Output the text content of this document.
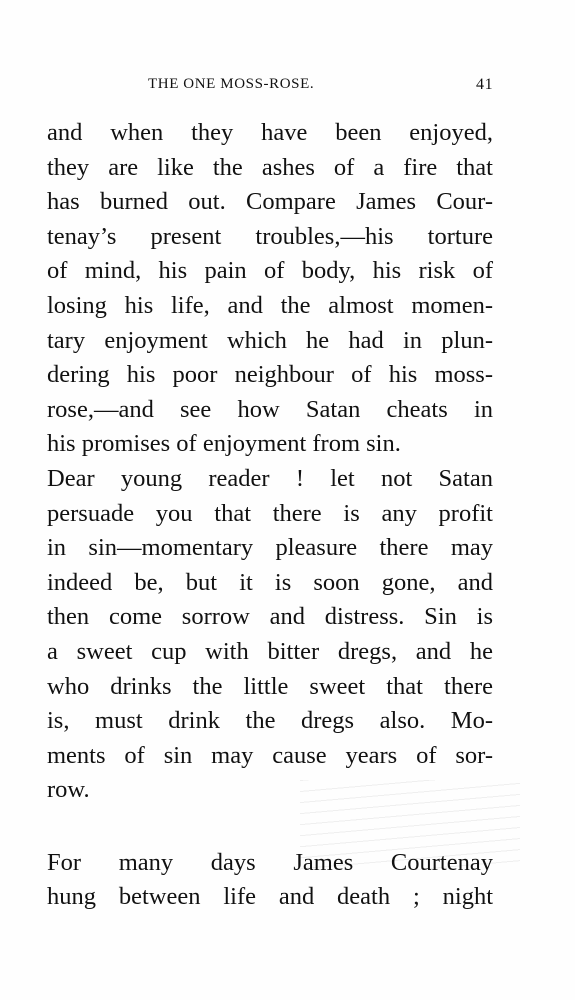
THE ONE MOSS-ROSE.	41
and when they have been enjoyed,
they are like the ashes of a fire that
has burned out. Compare James Cour-
tenay’s present troubles,—his torture
of mind, his pain of body, his risk of
losing his life, and the almost momen-
tary enjoyment which he had in plun-
dering his poor neighbour of his moss-
rose,—and see how Satan cheats in
his promises of enjoyment from sin.
Dear young reader ! let not Satan
persuade you that there is any profit
in sin—momentary pleasure there may
indeed be, but it is soon gone, and
then come sorrow and distress. Sin is
a sweet cup with bitter dregs, and he
who drinks the little sweet that there
is, must drink the dregs also. Mo-
ments of sin may cause years of sor-
row.
For many days James Courtenay
hung between life and death ; night
